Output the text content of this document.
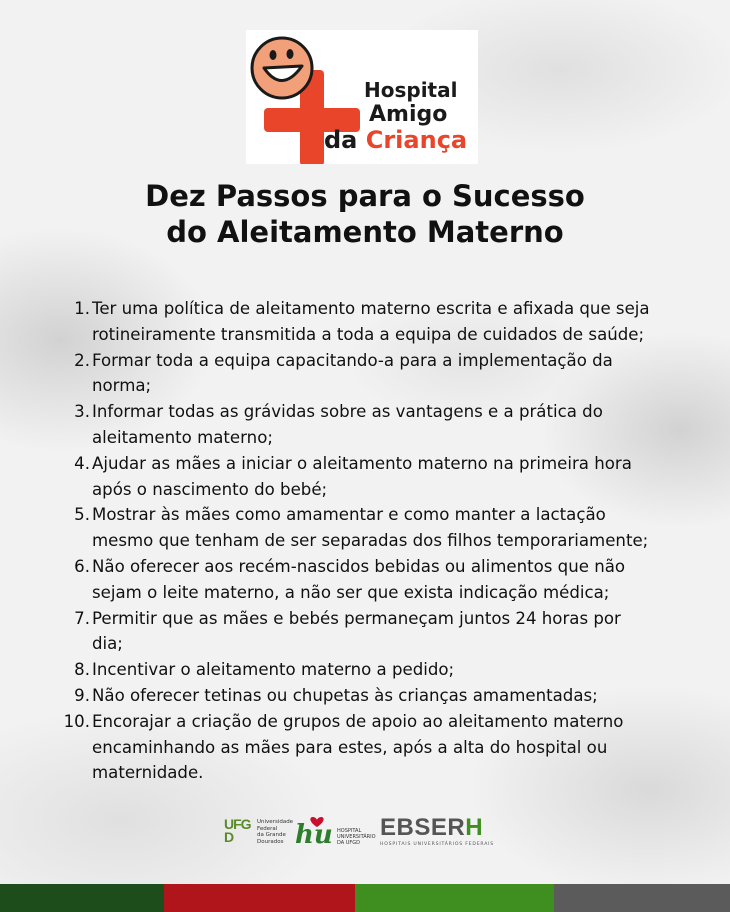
Hospital
Amigo
da Criança
Dez Passos para o Sucesso
do Aleitamento Materno
1. Ter uma política de aleitamento materno escrita e afixada que seja
rotineiramente transmitida a toda a equipa de cuidados de saúde;
2. Formar toda a equipa capacitando-a para a implementação da
norma;
3. Informar todas as grávidas sobre as vantagens e a prática do
aleitamento materno;
4. Ajudar as mães a iniciar o aleitamento materno na primeira hora
após o nascimento do bebé;
5. Mostrar às mães como amamentar e como manter a lactação
mesmo que tenham de ser separadas dos filhos temporariamente;
6. Não oferecer aos recém-nascidos bebidas ou alimentos que não
sejam o leite materno, a não ser que exista indicação médica;
7. Permitir que as mães e bebés permaneçam juntos 24 horas por
dia;
8. Incentivar o aleitamento materno a pedido;
9. Não oferecer tetinas ou chupetas às crianças amamentadas;
10. Encorajar a criação de grupos de apoio ao aleitamento materno
encaminhando as mães para estes, após a alta do hospital ou
maternidade.
UFGD
Universidade
Federal
da Grande
Dourados hu HOSPITAL
UNIVERSITÁRIO
DA UFGD
EBSERH
HOSPITAIS UNIVERSITÁRIOS FEDERAIS
